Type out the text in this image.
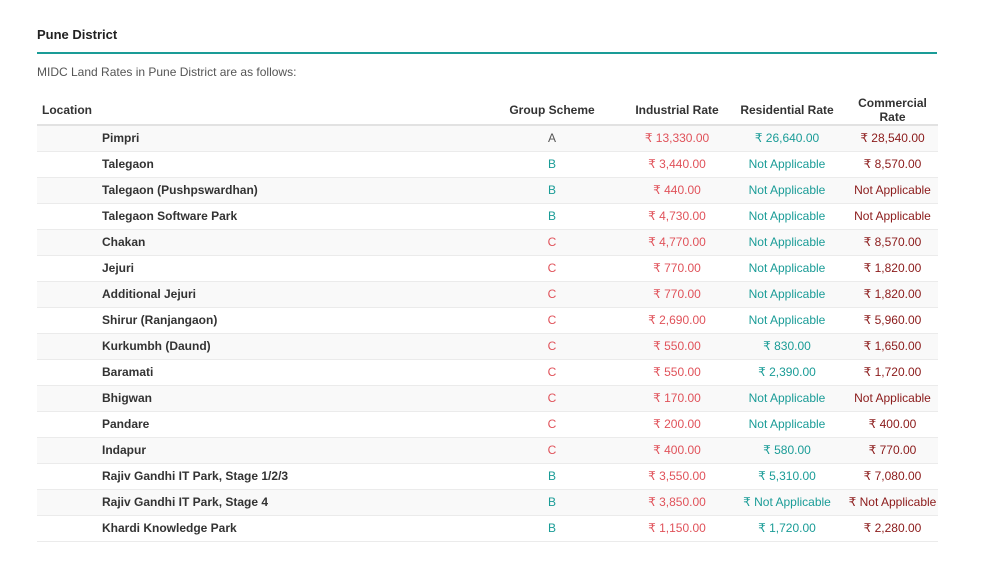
Pune District
MIDC Land Rates in Pune District are as follows:
Location	Group Scheme	Industrial Rate	Residential Rate	Commercial Rate
Pimpri	A	₹ 13,330.00	₹ 26,640.00	₹ 28,540.00
Talegaon	B	₹ 3,440.00	Not Applicable	₹ 8,570.00
Talegaon (Pushpswardhan)	B	₹ 440.00	Not Applicable	Not Applicable
Talegaon Software Park	B	₹ 4,730.00	Not Applicable	Not Applicable
Chakan	C	₹ 4,770.00	Not Applicable	₹ 8,570.00
Jejuri	C	₹ 770.00	Not Applicable	₹ 1,820.00
Additional Jejuri	C	₹ 770.00	Not Applicable	₹ 1,820.00
Shirur (Ranjangaon)	C	₹ 2,690.00	Not Applicable	₹ 5,960.00
Kurkumbh (Daund)	C	₹ 550.00	₹ 830.00	₹ 1,650.00
Baramati	C	₹ 550.00	₹ 2,390.00	₹ 1,720.00
Bhigwan	C	₹ 170.00	Not Applicable	Not Applicable
Pandare	C	₹ 200.00	Not Applicable	₹ 400.00
Indapur	C	₹ 400.00	₹ 580.00	₹ 770.00
Rajiv Gandhi IT Park, Stage 1/2/3	B	₹ 3,550.00	₹ 5,310.00	₹ 7,080.00
Rajiv Gandhi IT Park, Stage 4	B	₹ 3,850.00	₹ Not Applicable	₹ Not Applicable
Khardi Knowledge Park	B	₹ 1,150.00	₹ 1,720.00	₹ 2,280.00
